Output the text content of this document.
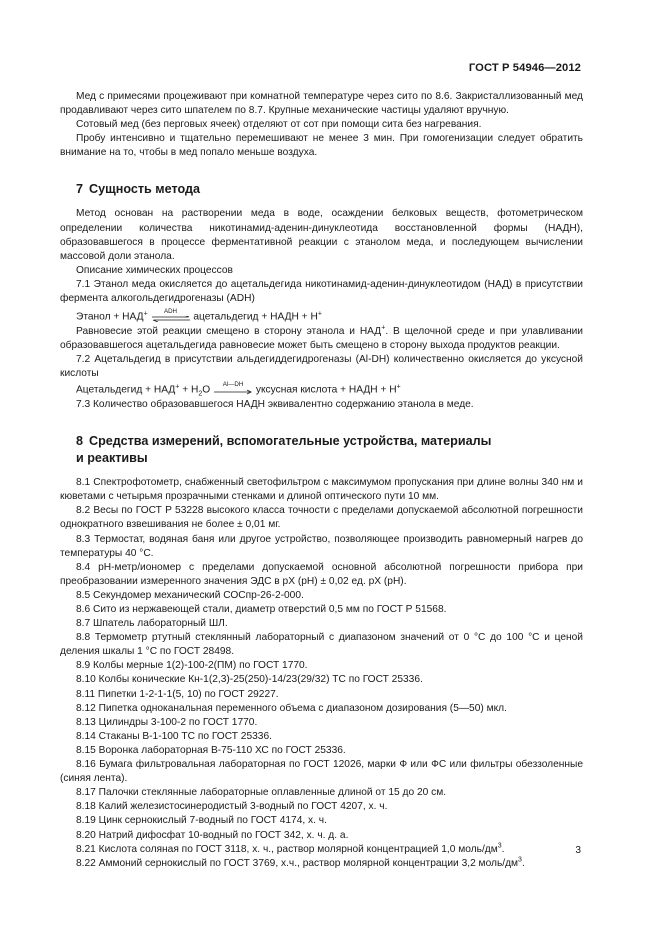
ГОСТ Р 54946—2012

Мед с примесями процеживают при комнатной температуре через сито по 8.6. Закристаллизованный мед продавливают через сито шпателем по 8.7. Крупные механические частицы удаляют вручную.

Сотовый мед (без перговых ячеек) отделяют от сот при помощи сита без нагревания.

Пробу интенсивно и тщательно перемешивают не менее 3 мин. При гомогенизации следует обратить внимание на то, чтобы в мед попало меньше воздуха.

7 Сущность метода

Метод основан на растворении меда в воде, осаждении белковых веществ, фотометрическом определении количества никотинамид-аденин-динуклеотида восстановленной формы (НАДН), образовавшегося в процессе ферментативной реакции с этанолом меда, и последующем вычислении массовой доли этанола.

Описание химических процессов

7.1 Этанол меда окисляется до ацетальдегида никотинамид-аденин-динуклеотидом (НАД) в присутствии фермента алкогольдегидрогеназы (ADH)

Этанол + НАД+	ADH
ацетальдегид + НАДН + Н+

Равновесие этой реакции смещено в сторону этанола и НАД+. В щелочной среде и при улавливании образовавшегося ацетальдегида равновесие может быть смещено в сторону выхода продуктов реакции.

7.2 Ацетальдегид в присутствии альдегиддегидрогеназы (Al-DH) количественно окисляется до уксусной кислоты

Ацетальдегид + $НАД^+ + Н_2О$
Al—DH
уксусная кислота + НАДН + Н+

7.3 Количество образовавшегося НАДН эквивалентно содержанию этанола в меде.

8 Средства измерений, вспомогательные устройства, материалы

и реактивы

8.1 Спектрофотометр, снабженный светофильтром с максимумом пропускания при длине волны 340 нм и кюветами с четырьмя прозрачными стенками и длиной оптического пути 10 мм.

8.2 Весы по ГОСТ Р 53228 высокого класса точности с пределами допускаемой абсолютной погрешности однократного взвешивания не более ± 0,01 мг.

8.3 Термостат, водяная баня или другое устройство, позволяющее производить равномерный нагрев до температуры 40 °С.

8.4 рН-метр/иономер с пределами допускаемой основной абсолютной погрешности прибора при преобразовании измеренного значения ЭДС в рХ (рН) ± 0,02 ед. рХ (рН).

8.5 Секундомер механический СОСпр-26-2-000.

8.6 Сито из нержавеющей стали, диаметр отверстий 0,5 мм по ГОСТ Р 51568.

8.7 Шпатель лабораторный ШЛ.

8.8 Термометр ртутный стеклянный лабораторный с диапазоном значений от 0 °С до 100 °С и ценой деления шкалы 1 °С по ГОСТ 28498.

8.9 Колбы мерные 1(2)-100-2(ПМ) по ГОСТ 1770.

8.10 Колбы конические Кн-1(2,3)-25(250)-14/23(29/32) ТС по ГОСТ 25336.

8.11 Пипетки 1-2-1-1(5, 10) по ГОСТ 29227.

8.12 Пипетка одноканальная переменного объема с диапазоном дозирования (5—50) мкл.

8.13 Цилиндры 3-100-2 по ГОСТ 1770.

8.14 Стаканы В-1-100 ТС по ГОСТ 25336.

8.15 Воронка лабораторная В-75-110 ХС по ГОСТ 25336.

8.16 Бумага фильтровальная лабораторная по ГОСТ 12026, марки Ф или ФС или фильтры обеззоленные (синяя лента).

8.17 Палочки стеклянные лабораторные оплавленные длиной от 15 до 20 см.

8.18 Калий железистосинеродистый 3-водный по ГОСТ 4207, х. ч.

8.19 Цинк сернокислый 7-водный по ГОСТ 4174, х. ч.

8.20 Натрий дифосфат 10-водный по ГОСТ 342, х. ч. д. а.

8.21 Кислота соляная по ГОСТ 3118, х. ч., раствор молярной концентрацией 1,0 моль/$дм^3$.

8.22 Аммоний сернокислый по ГОСТ 3769, х.ч., раствор молярной концентрации 3,2 моль/$дм^3$.

3
